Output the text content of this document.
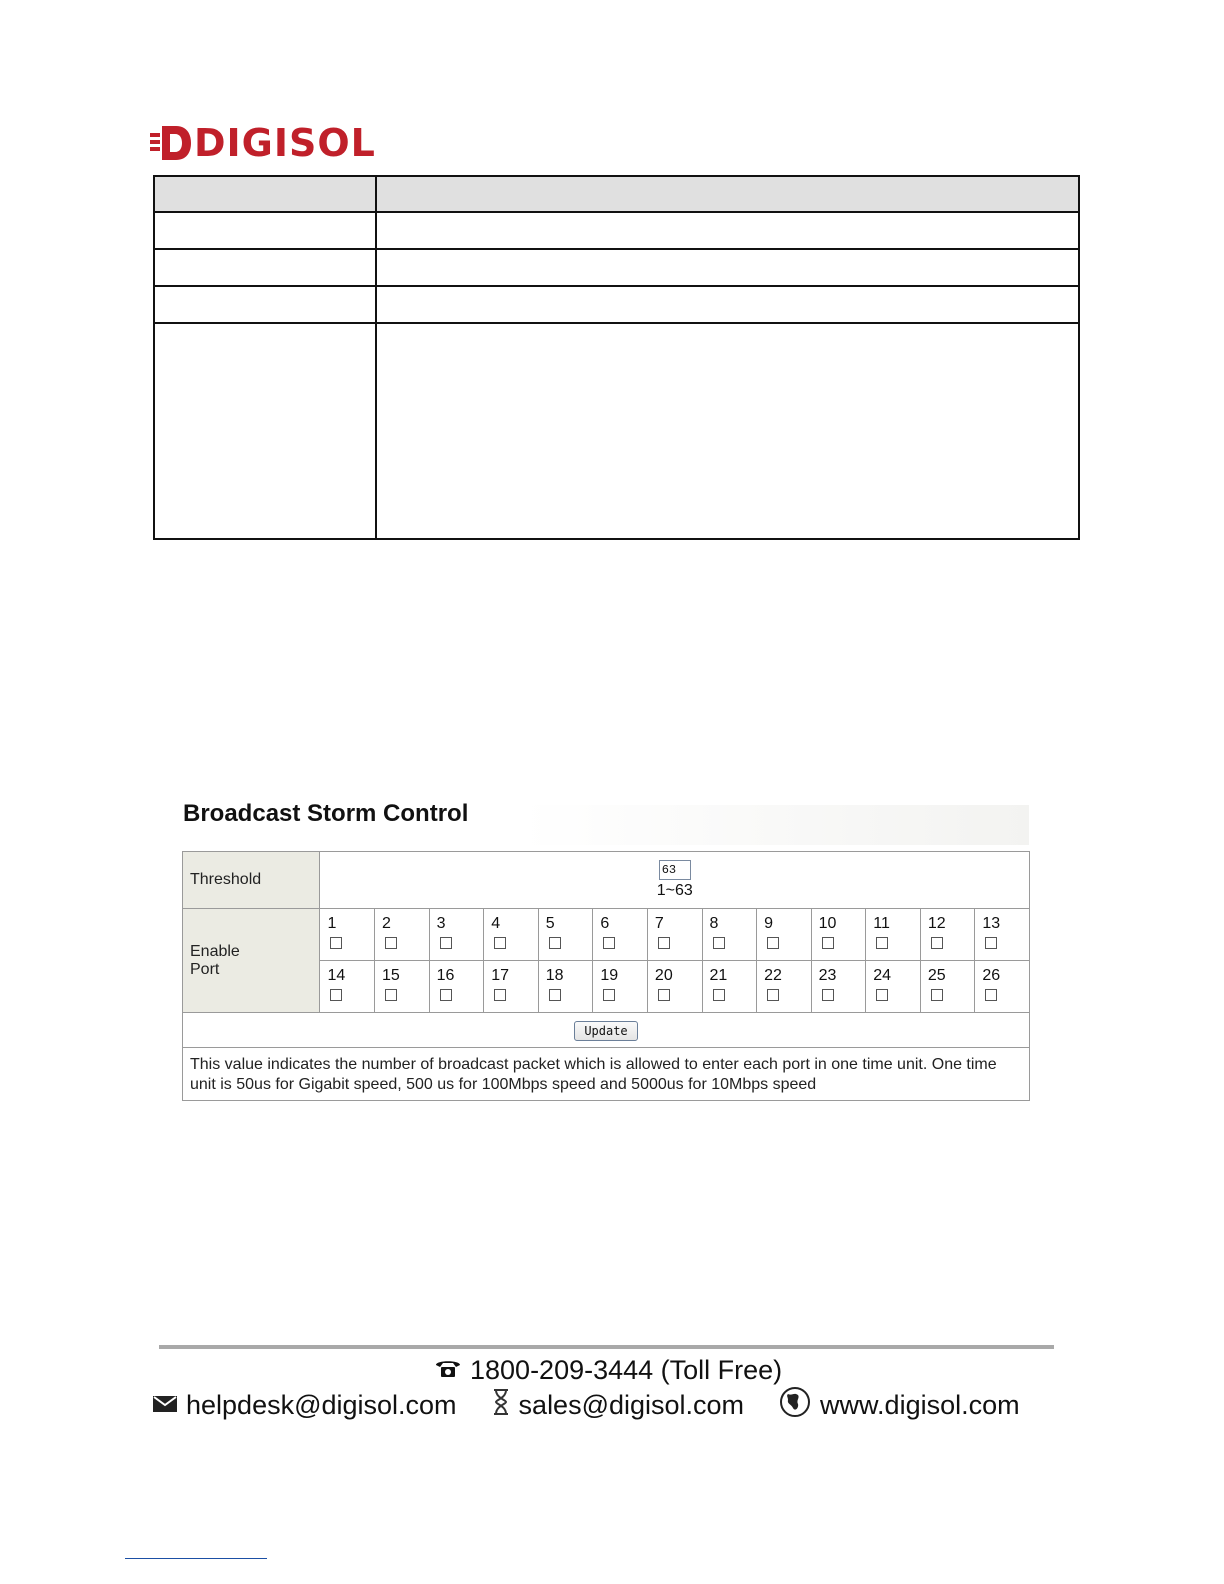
DIGISOL

Broadcast Storm Control
Threshold	63
1~63												

Enable
Port	1	2	3	4	5	6	7	8	9	10	11	12	13

	14	15	16	17	18	19	20	21	22	23	24	25	26

Update													
This value indicates the number of broadcast packet which is allowed to enter each port in one time unit. One time unit is 50us for Gigabit speed, 500 us for 100Mbps speed and 5000us for 10Mbps speed													
1800-209-3444 (Toll Free)
helpdesk@digisol.com sales@digisol.com	www.digisol.com
